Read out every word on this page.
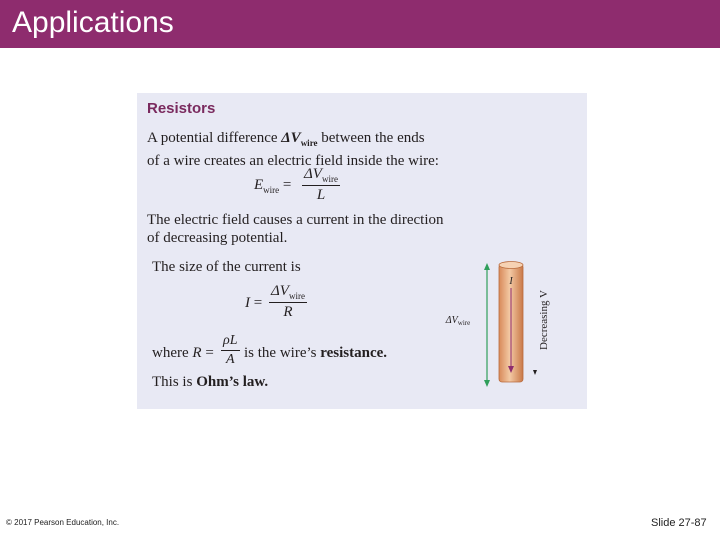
Applications
Resistors
A potential difference $\Delta V_{wire}$ between the ends
of a wire creates an electric field inside the wire:
$E_{wire}$ =
$\Delta V_{wire}$
L
The electric field causes a current in the direction
of decreasing potential.
The size of the current is
I =
$\Delta V_{wire}$
R
where $R = \frac{\rho L}{A}$ is the wire’s resistance.
This is Ohm’s law.
I
$\Delta V_{wire}$	Decreasing V
© 2017 Pearson Education, Inc.	Slide 27-87
